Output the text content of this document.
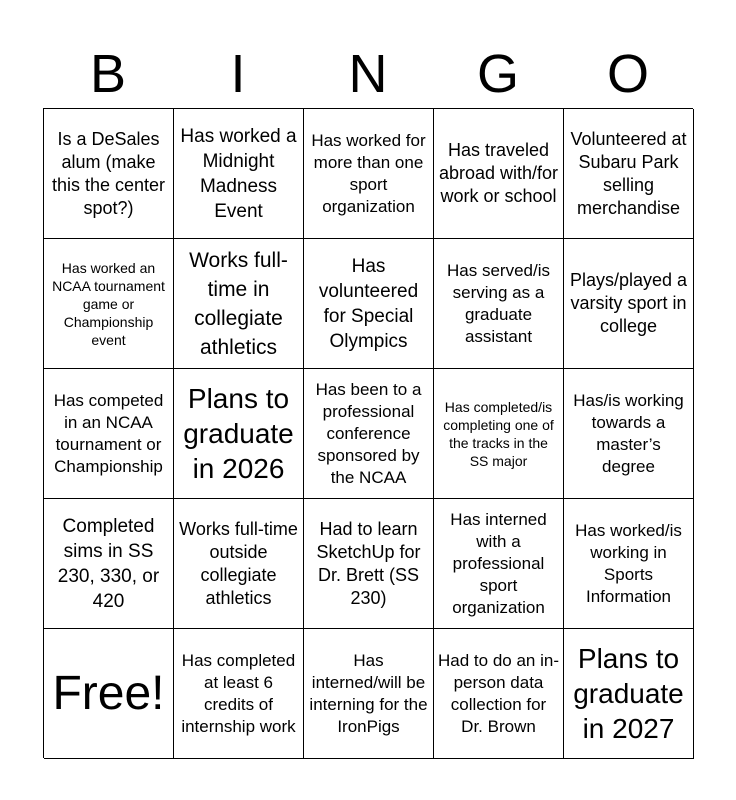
B	I	N	G	O
Is a DeSales alum (make this the center spot?)
Has worked a Midnight Madness Event
Has worked for more than one sport organization
Has traveled abroad with/for work or school
Volunteered at Subaru Park selling merchandise
Has worked an NCAA tournament game or Championship event
Works full-time in collegiate athletics
Has volunteered for Special Olympics
Has served/is serving as a graduate assistant
Plays/played a varsity sport in college
Has competed in an NCAA tournament or Championship
Plans to graduate in 2026
Has been to a professional conference sponsored by the NCAA
Has completed/is completing one of the tracks in the SS major
Has/is working towards a master’s degree
Completed sims in SS 230, 330, or 420
Works full-time outside collegiate athletics
Had to learn SketchUp for Dr. Brett (SS 230)
Has interned with a professional sport organization
Has worked/is working in Sports Information
Free!
Has completed at least 6 credits of internship work
Has interned/will be interning for the IronPigs
Had to do an in-person data collection for Dr. Brown
Plans to graduate in 2027
